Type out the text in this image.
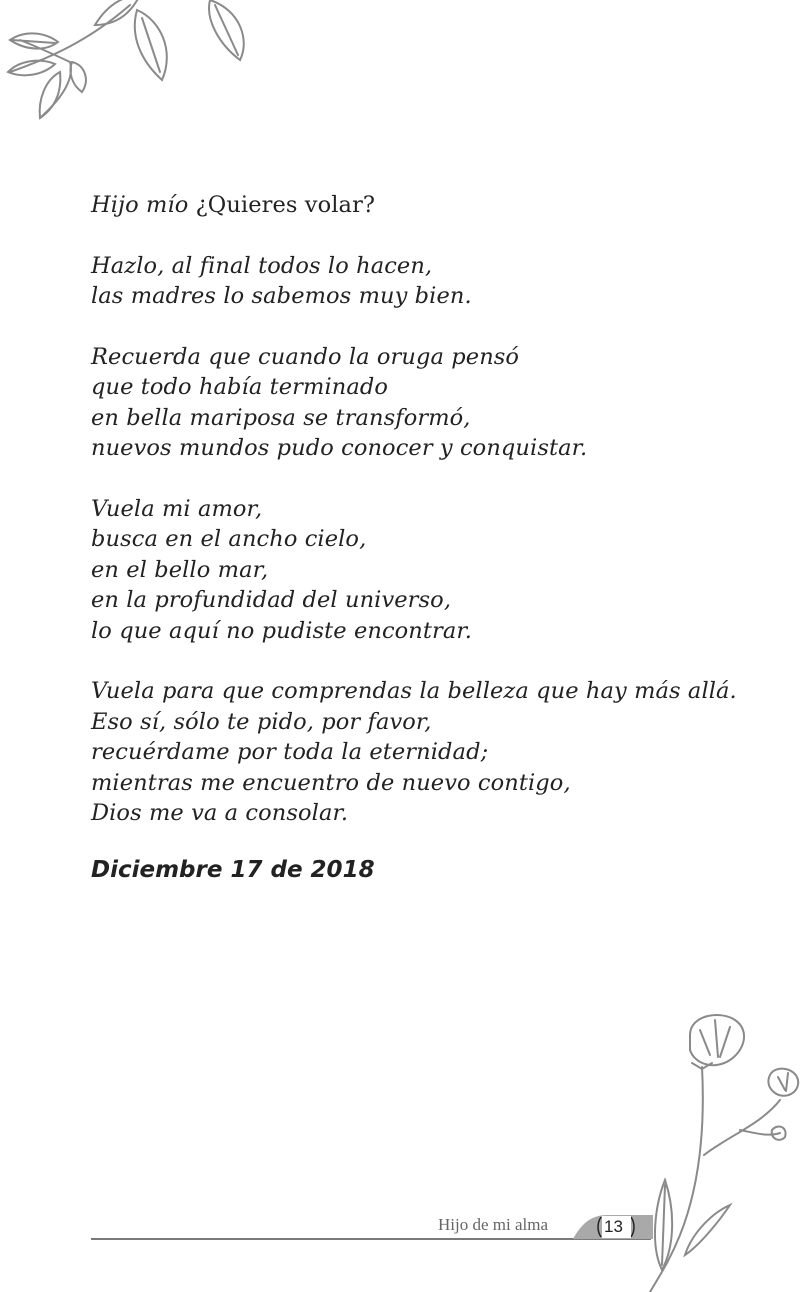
Hijo mío ¿Quieres volar?

Hazlo, al final todos lo hacen,
las madres lo sabemos muy bien.

Recuerda que cuando la oruga pensó
que todo había terminado
en bella mariposa se transformó,
nuevos mundos pudo conocer y conquistar.

Vuela mi amor,
busca en el ancho cielo,
en el bello mar,
en la profundidad del universo,
lo que aquí no pudiste encontrar.

Vuela para que comprendas la belleza que hay más allá.
Eso sí, sólo te pido, por favor,
recuérdame por toda la eternidad;
mientras me encuentro de nuevo contigo,
Dios me va a consolar.

Diciembre 17 de 2018
Hijo de mi alma	13
